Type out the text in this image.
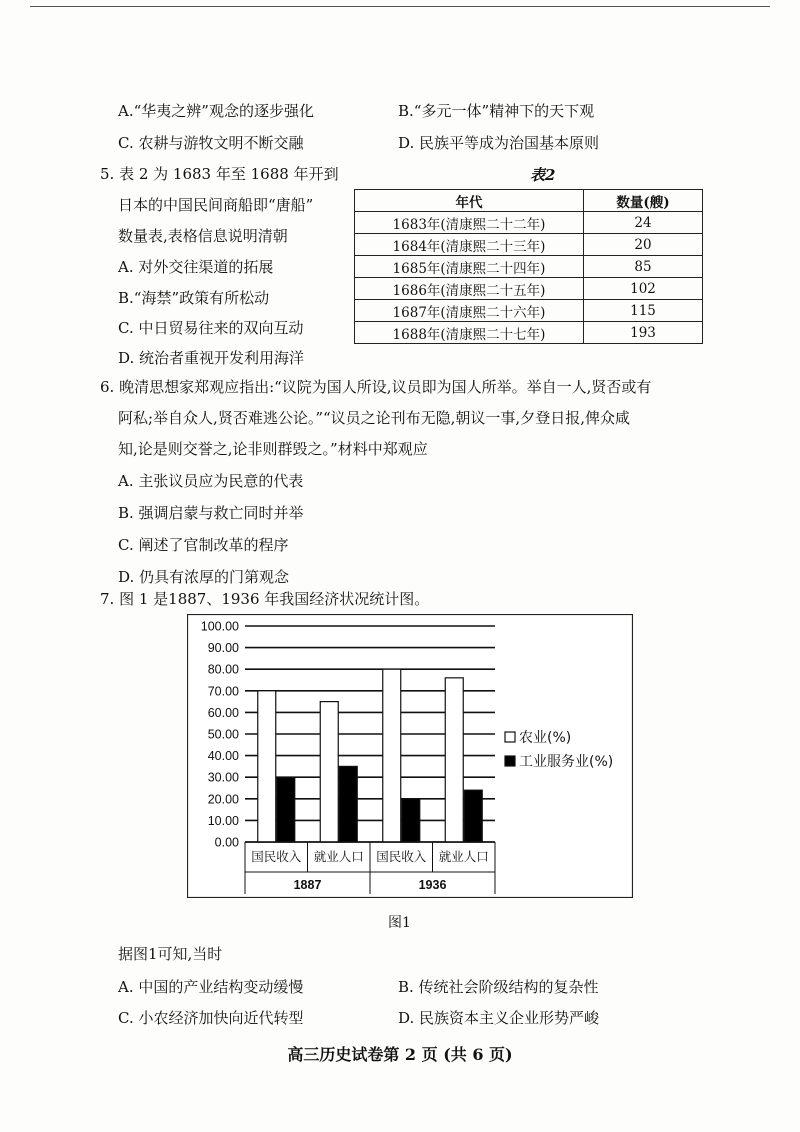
A.“华夷之辨”观念的逐步强化	B.“多元一体”精神下的天下观
C. 农耕与游牧文明不断交融	D. 民族平等成为治国基本原则
5. 表 2 为 1683 年至 1688 年开到
日本的中国民间商船即“唐船”
数量表,表格信息说明清朝
A. 对外交往渠道的拓展
B.“海禁”政策有所松动
C. 中日贸易往来的双向互动
D. 统治者重视开发利用海洋
表2
年代	数量(艘)
1683年(清康熙二十二年)	24
1684年(清康熙二十三年)	20
1685年(清康熙二十四年)	85
1686年(清康熙二十五年)	102
1687年(清康熙二十六年)	115
1688年(清康熙二十七年)	193
6. 晚清思想家郑观应指出:“议院为国人所设,议员即为国人所举。举自一人,贤否或有
阿私;举自众人,贤否难逃公论。”“议员之论刊布无隐,朝议一事,夕登日报,俾众咸
知,论是则交誉之,论非则群毁之。”材料中郑观应
A. 主张议员应为民意的代表
B. 强调启蒙与救亡同时并举
C. 阐述了官制改革的程序
D. 仍具有浓厚的门第观念
7. 图 1 是1887、1936 年我国经济状况统计图。
0.00
10.00
20.00
30.00
40.00
50.00
60.00
70.00
80.00
90.00
100.00
国民收入 就业人口 国民收入 就业人口
1887	1936
农业(%)
工业服务业(%)
图1
据图1可知,当时
A. 中国的产业结构变动缓慢	B. 传统社会阶级结构的复杂性
C. 小农经济加快向近代转型	D. 民族资本主义企业形势严峻
高三历史试卷第 2 页 (共 6 页)
